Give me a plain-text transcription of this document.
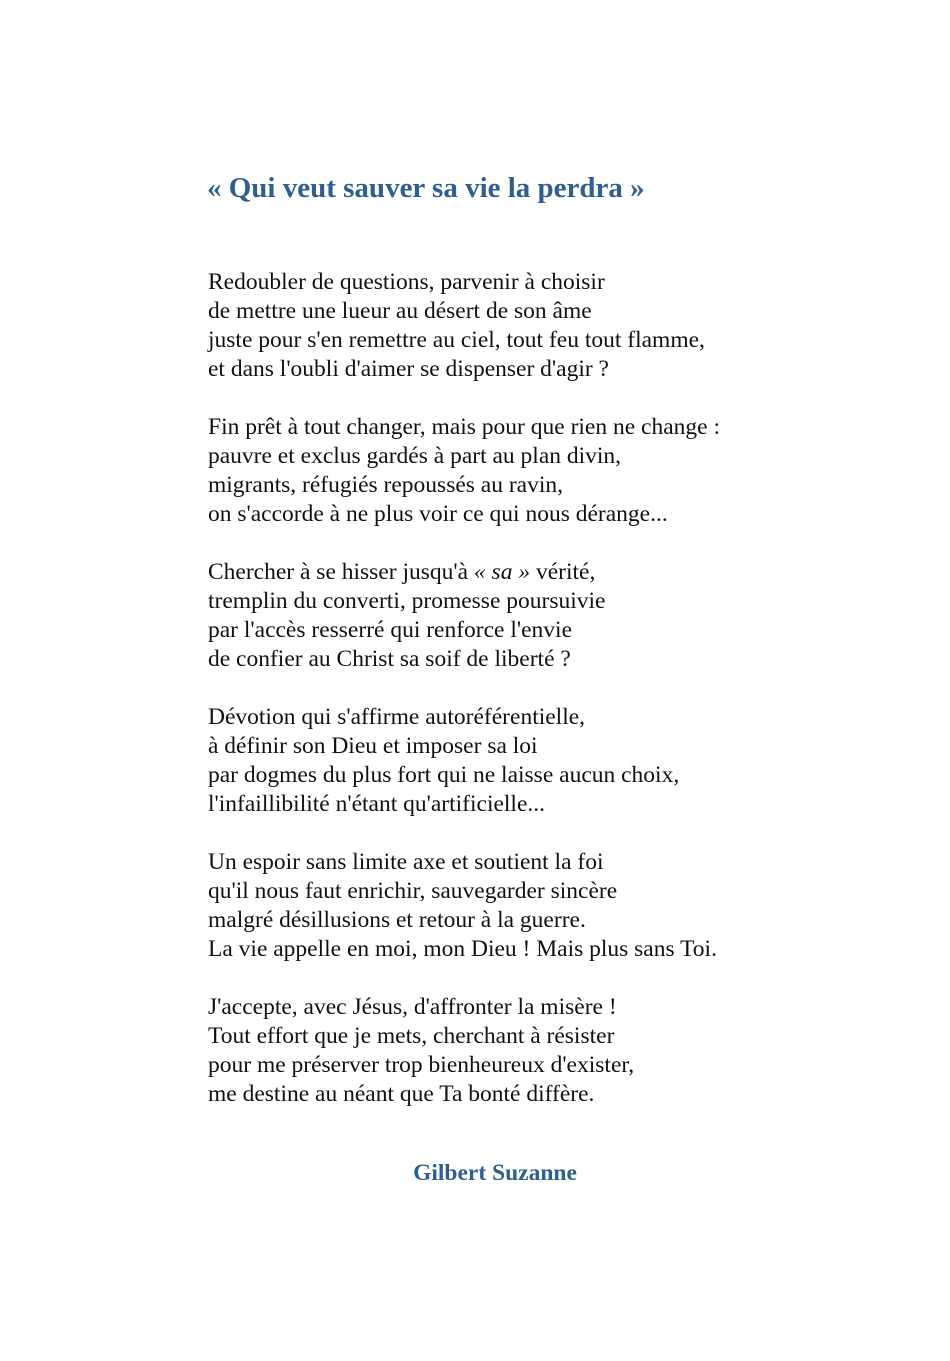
« Qui veut sauver sa vie la perdra »
Redoubler de questions, parvenir à choisir
de mettre une lueur au désert de son âme
juste pour s'en remettre au ciel, tout feu tout flamme,
et dans l'oubli d'aimer se dispenser d'agir ?
Fin prêt à tout changer, mais pour que rien ne change :
pauvre et exclus gardés à part au plan divin,
migrants, réfugiés repoussés au ravin,
on s'accorde à ne plus voir ce qui nous dérange...
Chercher à se hisser jusqu'à « sa » vérité,
tremplin du converti, promesse poursuivie
par l'accès resserré qui renforce l'envie
de confier au Christ sa soif de liberté ?
Dévotion qui s'affirme autoréférentielle,
à définir son Dieu et imposer sa loi
par dogmes du plus fort qui ne laisse aucun choix,
l'infaillibilité n'étant qu'artificielle...
Un espoir sans limite axe et soutient la foi
qu'il nous faut enrichir, sauvegarder sincère
malgré désillusions et retour à la guerre.
La vie appelle en moi, mon Dieu ! Mais plus sans Toi.
J'accepte, avec Jésus, d'affronter la misère !
Tout effort que je mets, cherchant à résister
pour me préserver trop bienheureux d'exister,
me destine au néant que Ta bonté diffère.

Gilbert Suzanne
